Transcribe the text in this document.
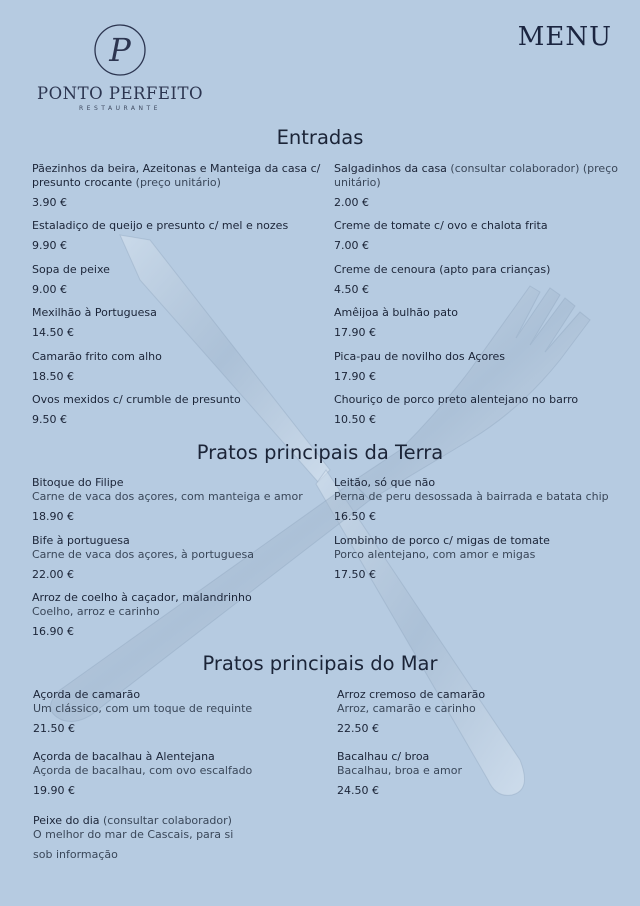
P
PONTO PERFEITO
RESTAURANTE
MENU
Entradas
Pãezinhos da beira, Azeitonas e Manteiga da casa c/ presunto crocante (preço unitário)
3.90 €
Salgadinhos da casa (consultar colaborador) (preço unitário)
2.00 €
Estaladiço de queijo e presunto c/ mel e nozes
9.90 €
Creme de tomate c/ ovo e chalota frita
7.00 €
Sopa de peixe
9.00 €
Creme de cenoura (apto para crianças)
4.50 €
Mexilhão à Portuguesa
14.50 €
Amêijoa à bulhão pato
17.90 €
Camarão frito com alho
18.50 €
Pica-pau de novilho dos Açores
17.90 €
Ovos mexidos c/ crumble de presunto
9.50 €
Chouriço de porco preto alentejano no barro
10.50 €
Pratos principais da Terra
Bitoque do Filipe
Carne de vaca dos açores, com manteiga e amor
18.90 €
Leitão, só que não
Perna de peru desossada à bairrada e batata chip
16.50 €
Bife à portuguesa
Carne de vaca dos açores, à portuguesa
22.00 €
Lombinho de porco c/ migas de tomate
Porco alentejano, com amor e migas
17.50 €
Arroz de coelho à caçador, malandrinho
Coelho, arroz e carinho
16.90 €
Pratos principais do Mar
Açorda de camarão
Um clássico, com um toque de requinte
21.50 €
Arroz cremoso de camarão
Arroz, camarão e carinho
22.50 €
Açorda de bacalhau à Alentejana
Açorda de bacalhau, com ovo escalfado
19.90 €
Bacalhau c/ broa
Bacalhau, broa e amor
24.50 €
Peixe do dia (consultar colaborador)
O melhor do mar de Cascais, para si
sob informação
